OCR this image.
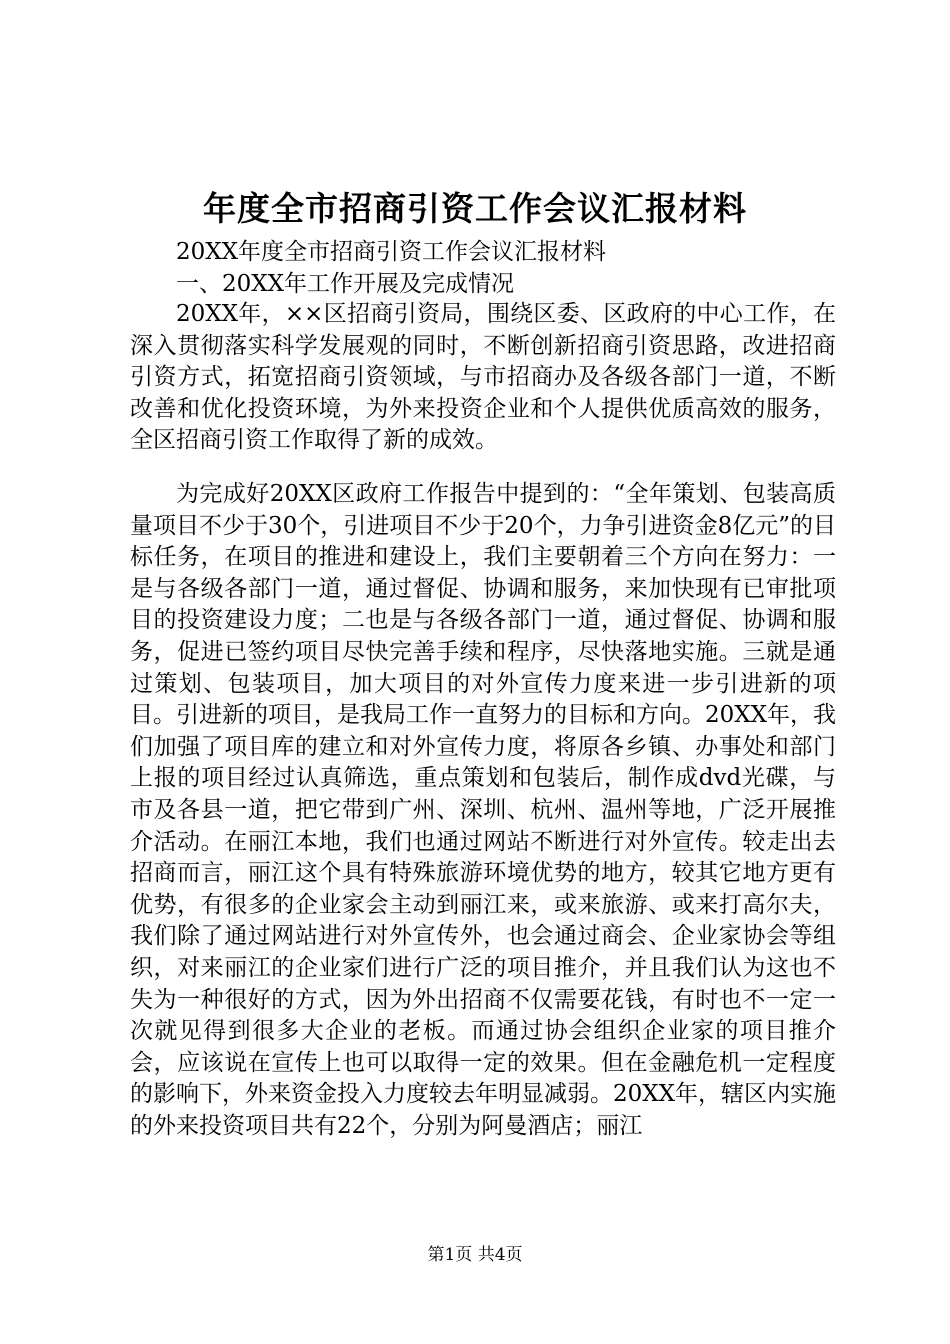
年度全市招商引资工作会议汇报材料
20XX年度全市招商引资工作会议汇报材料
一、20XX年工作开展及完成情况
20XX年，××区招商引资局，围绕区委、区政府的中心工作，在深入贯彻落实科学发展观的同时，不断创新招商引资思路，改进招商引资方式，拓宽招商引资领域，与市招商办及各级各部门一道，不断改善和优化投资环境，为外来投资企业和个人提供优质高效的服务，全区招商引资工作取得了新的成效。
为完成好20XX区政府工作报告中提到的：“全年策划、包装高质量项目不少于30个，引进项目不少于20个，力争引进资金8亿元”的目标任务，在项目的推进和建设上，我们主要朝着三个方向在努力：一是与各级各部门一道，通过督促、协调和服务，来加快现有已审批项目的投资建设力度；二也是与各级各部门一道，通过督促、协调和服务，促进已签约项目尽快完善手续和程序，尽快落地实施。三就是通过策划、包装项目，加大项目的对外宣传力度来进一步引进新的项目。引进新的项目，是我局工作一直努力的目标和方向。20XX年，我们加强了项目库的建立和对外宣传力度，将原各乡镇、办事处和部门上报的项目经过认真筛选，重点策划和包装后，制作成dvd光碟，与市及各县一道，把它带到广州、深圳、杭州、温州等地，广泛开展推介活动。在丽江本地，我们也通过网站不断进行对外宣传。较走出去招商而言，丽江这个具有特殊旅游环境优势的地方，较其它地方更有优势，有很多的企业家会主动到丽江来，或来旅游、或来打高尔夫，我们除了通过网站进行对外宣传外，也会通过商会、企业家协会等组织，对来丽江的企业家们进行广泛的项目推介，并且我们认为这也不失为一种很好的方式，因为外出招商不仅需要花钱，有时也不一定一次就见得到很多大企业的老板。而通过协会组织企业家的项目推介会，应该说在宣传上也可以取得一定的效果。但在金融危机一定程度的影响下，外来资金投入力度较去年明显减弱。20XX年，辖区内实施的外来投资项目共有22个，分别为阿曼酒店；丽江
第1页 共4页
